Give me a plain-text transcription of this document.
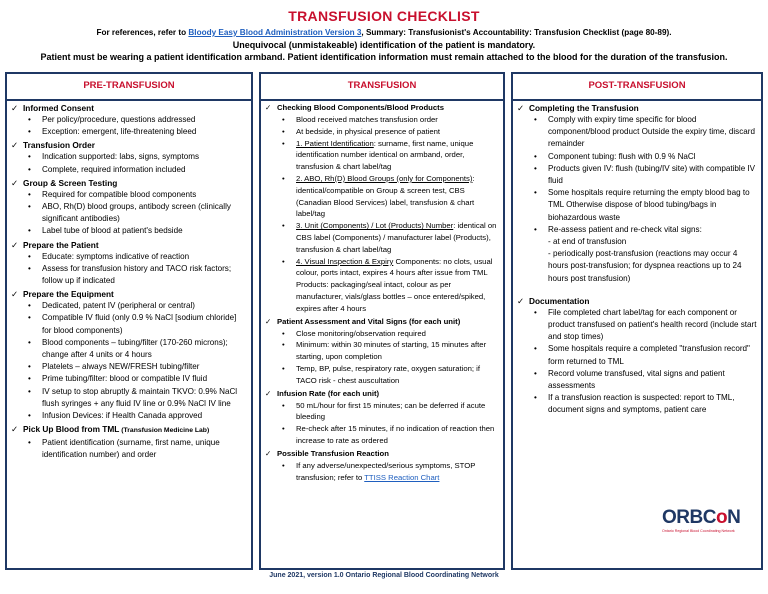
TRANSFUSION CHECKLIST
For references, refer to Bloody Easy Blood Administration Version 3, Summary: Transfusionist's Accountability: Transfusion Checklist (page 80-89).
Unequivocal (unmistakeable) identification of the patient is mandatory.
Patient must be wearing a patient identification armband. Patient identification information must remain attached to the blood for the duration of the transfusion.
PRE-TRANSFUSION
✓ Informed Consent
• Per policy/procedure, questions addressed
• Exception: emergent, life-threatening bleed
✓ Transfusion Order
• Indication supported: labs, signs, symptoms
• Complete, required information included
✓ Group & Screen Testing
• Required for compatible blood components
• ABO, Rh(D) blood groups, antibody screen (clinically significant antibodies)
• Label tube of blood at patient's bedside
✓ Prepare the Patient
• Educate: symptoms indicative of reaction
• Assess for transfusion history and TACO risk factors; follow up if indicated
✓ Prepare the Equipment
• Dedicated, patent IV (peripheral or central)
• Compatible IV fluid (only 0.9 % NaCl [sodium chloride] for blood components)
• Blood components – tubing/filter (170-260 microns); change after 4 units or 4 hours
• Platelets – always NEW/FRESH tubing/filter
• Prime tubing/filter: blood or compatible IV fluid
• IV setup to stop abruptly & maintain TKVO: 0.9% NaCl flush syringes + any fluid IV line or 0.9% NaCl IV line
• Infusion Devices: if Health Canada approved
✓ Pick Up Blood from TML (Transfusion Medicine Lab)
• Patient identification (surname, first name, unique identification number) and order
TRANSFUSION
✓ Checking Blood Components/Blood Products
• Blood received matches transfusion order
• At bedside, in physical presence of patient
• 1. Patient Identification: surname, first name, unique identification number identical on armband, order, transfusion & chart label/tag
• 2. ABO, Rh(D) Blood Groups (only for Components): identical/compatible on Group & screen test, CBS (Canadian Blood Services) label, transfusion & chart label/tag
• 3. Unit (Components) / Lot (Products) Number: identical on CBS label (Components) / manufacturer label (Products), transfusion & chart label/tag
• 4. Visual Inspection & Expiry Components: no clots, usual colour, ports intact, expires 4 hours after issue from TML Products: packaging/seal intact, colour as per manufacturer, vials/glass bottles – once entered/spiked, expires after 4 hours
✓ Patient Assessment and Vital Signs (for each unit)
• Close monitoring/observation required
• Minimum: within 30 minutes of starting, 15 minutes after starting, upon completion
• Temp, BP, pulse, respiratory rate, oxygen saturation; if TACO risk - chest auscultation
✓ Infusion Rate (for each unit)
• 50 mL/hour for first 15 minutes; can be deferred if acute bleeding
• Re-check after 15 minutes, if no indication of reaction then increase to rate as ordered
✓ Possible Transfusion Reaction
• If any adverse/unexpected/serious symptoms, STOP transfusion; refer to TTISS Reaction Chart
POST-TRANSFUSION
✓ Completing the Transfusion
• Comply with expiry time specific for blood component/blood product Outside the expiry time, discard remainder
• Component tubing: flush with 0.9 % NaCl
• Products given IV: flush (tubing/IV site) with compatible IV fluid
• Some hospitals require returning the empty blood bag to TML Otherwise dispose of blood tubing/bags in biohazardous waste
• Re-assess patient and re-check vital signs:
- at end of transfusion
- periodically post-transfusion (reactions may occur 4 hours post-transfusion; for dyspnea reactions up to 24 hours post transfusion)
✓ Documentation
• File completed chart label/tag for each component or product transfused on patient's health record (include start and stop times)
• Some hospitals require a completed "transfusion record" form returned to TML
• Record volume transfused, vital signs and patient assessments
• If a transfusion reaction is suspected: report to TML, document signs and symptoms, patient care
ORBCoN
Ontario Regional Blood Coordinating Network
June 2021, version 1.0 Ontario Regional Blood Coordinating Network
